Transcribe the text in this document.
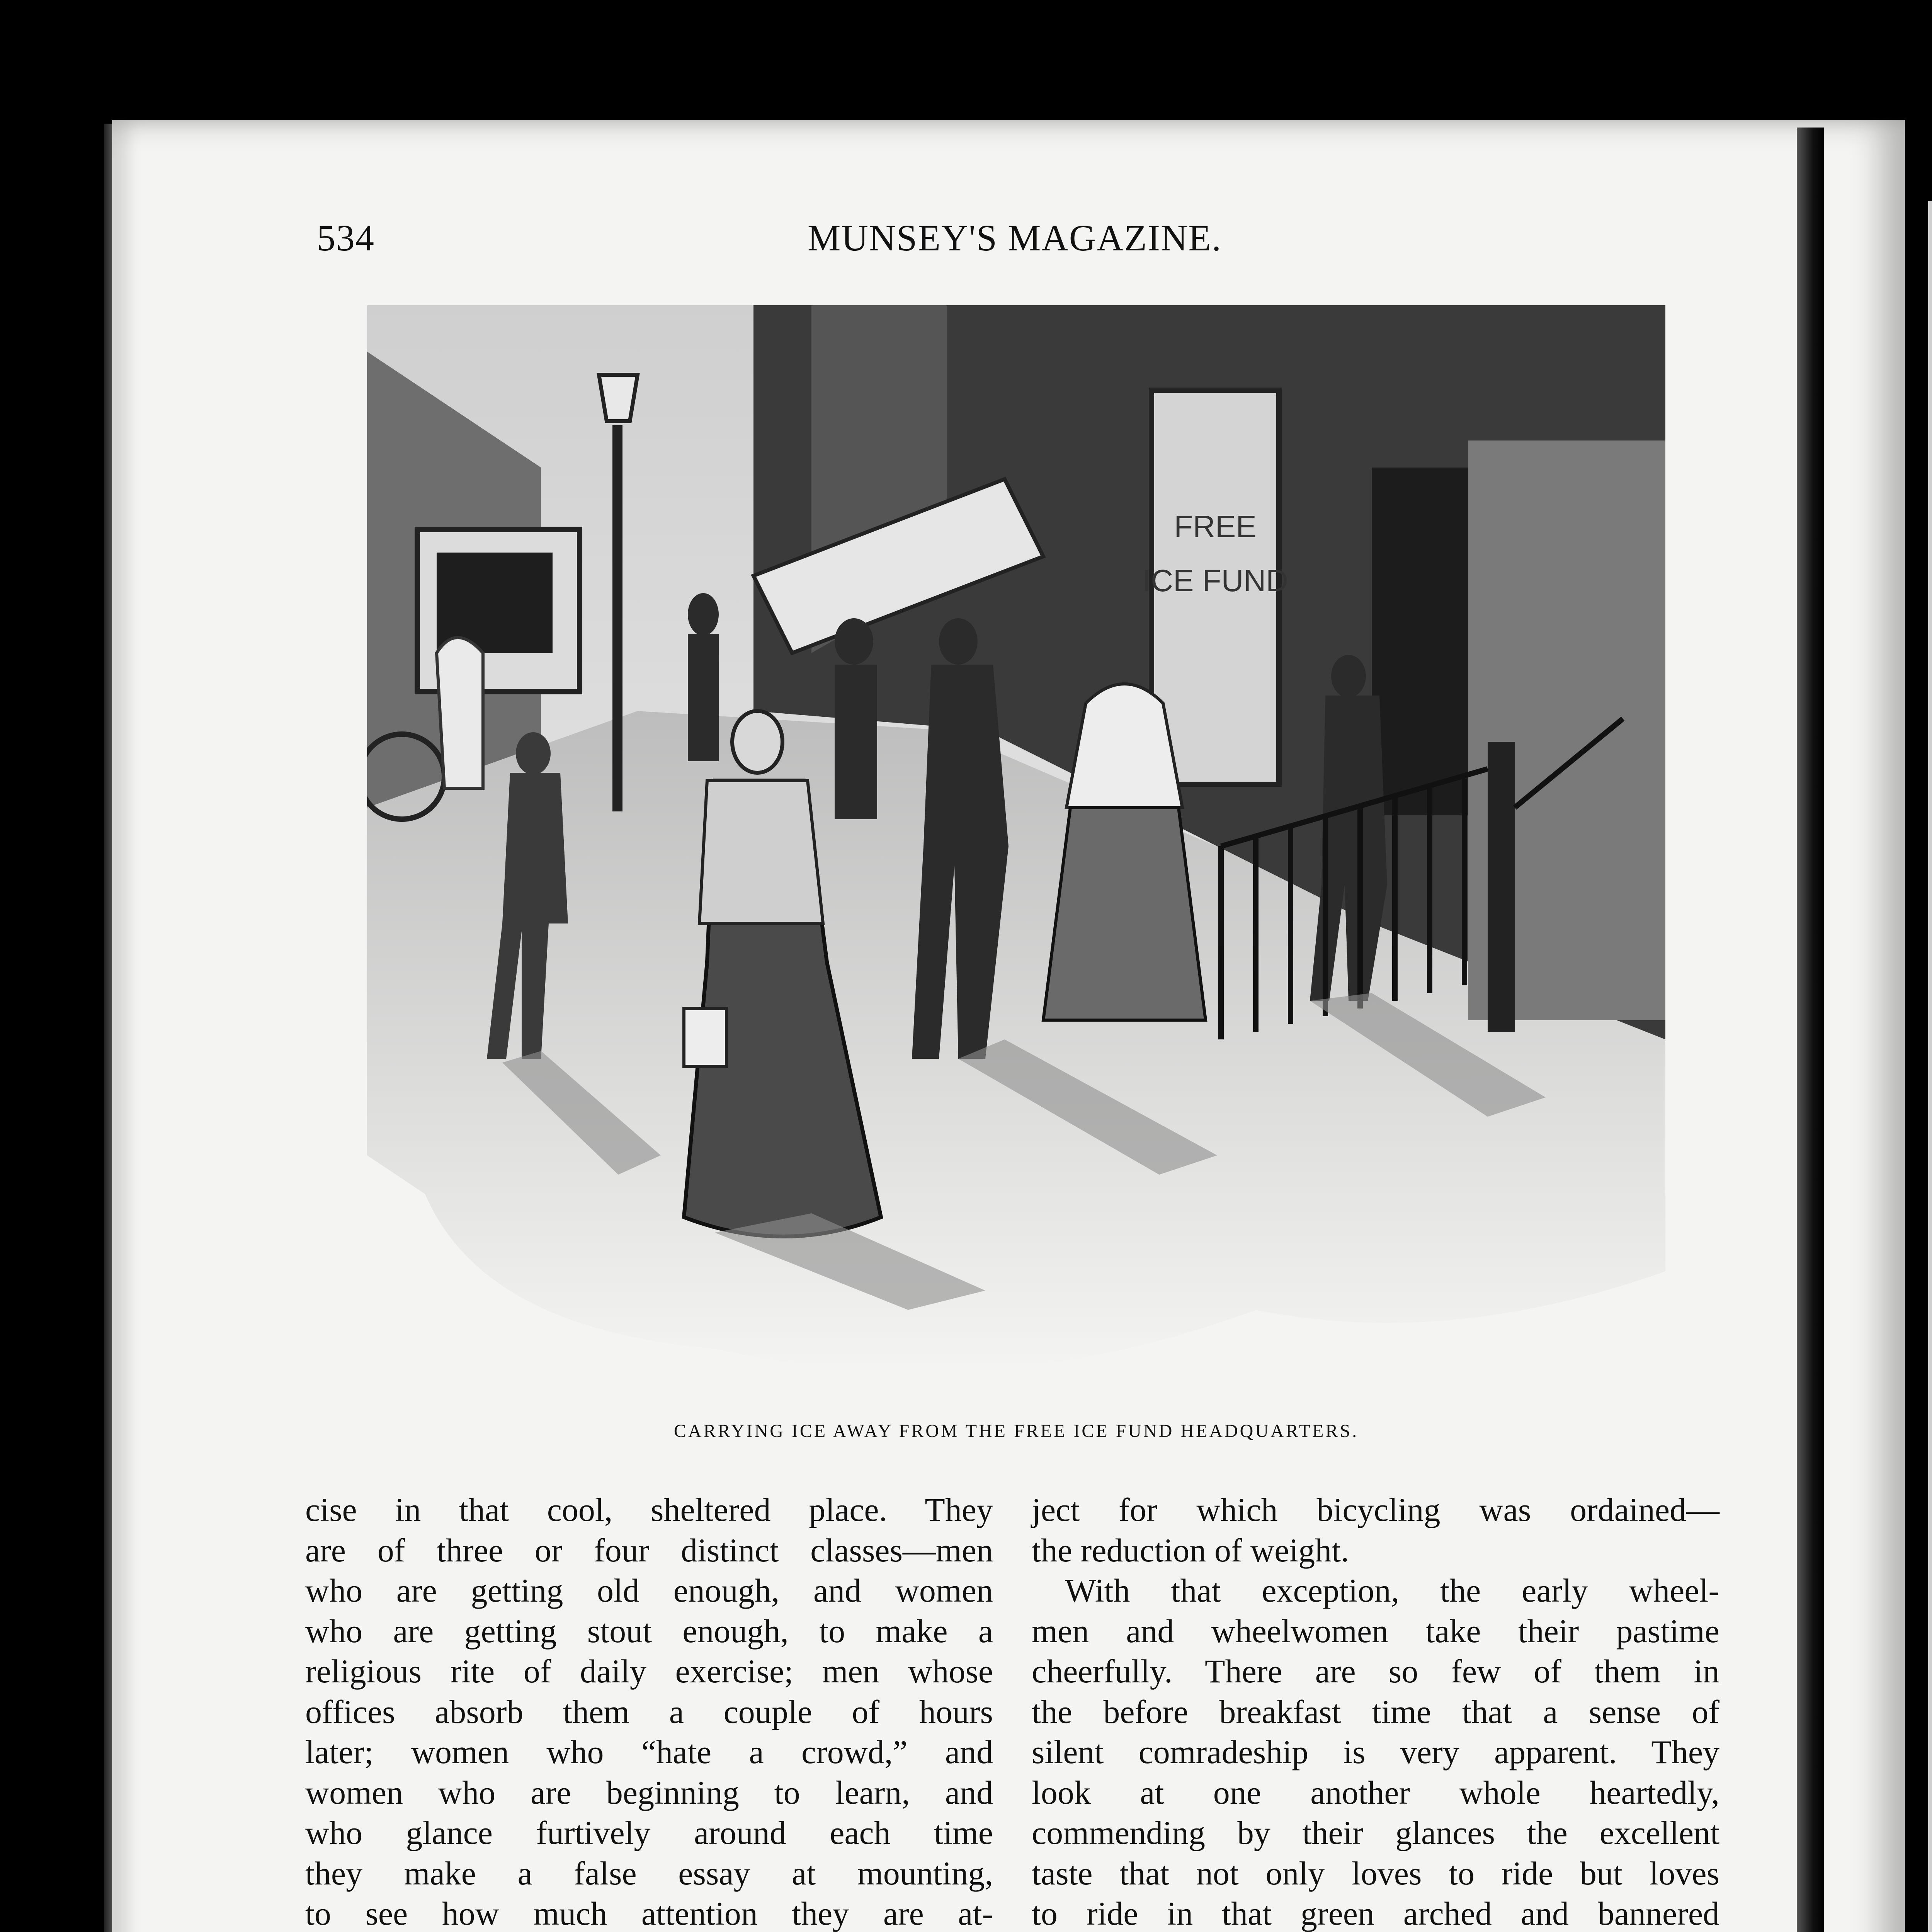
534	MUNSEY'S MAGAZINE.
FREE
ICE FUND
CARRYING ICE AWAY FROM THE FREE ICE FUND HEADQUARTERS.
cise in that cool, sheltered place. They
are of three or four distinct classes—men
who are getting old enough, and women
who are getting stout enough, to make a
religious rite of daily exercise; men whose
offices absorb them a couple of hours
later; women who “hate a crowd,” and
women who are beginning to learn, and
who glance furtively around each time
they make a false essay at mounting,
to see how much attention they are at-
ject for which bicycling was ordained—
the reduction of weight.
With that exception, the early wheel-
men and wheelwomen take their pastime
cheerfully. There are so few of them in
the before breakfast time that a sense of
silent comradeship is very apparent. They
look at one another whole heartedly,
commending by their glances the excellent
taste that not only loves to ride but loves
to ride in that green arched and bannered
